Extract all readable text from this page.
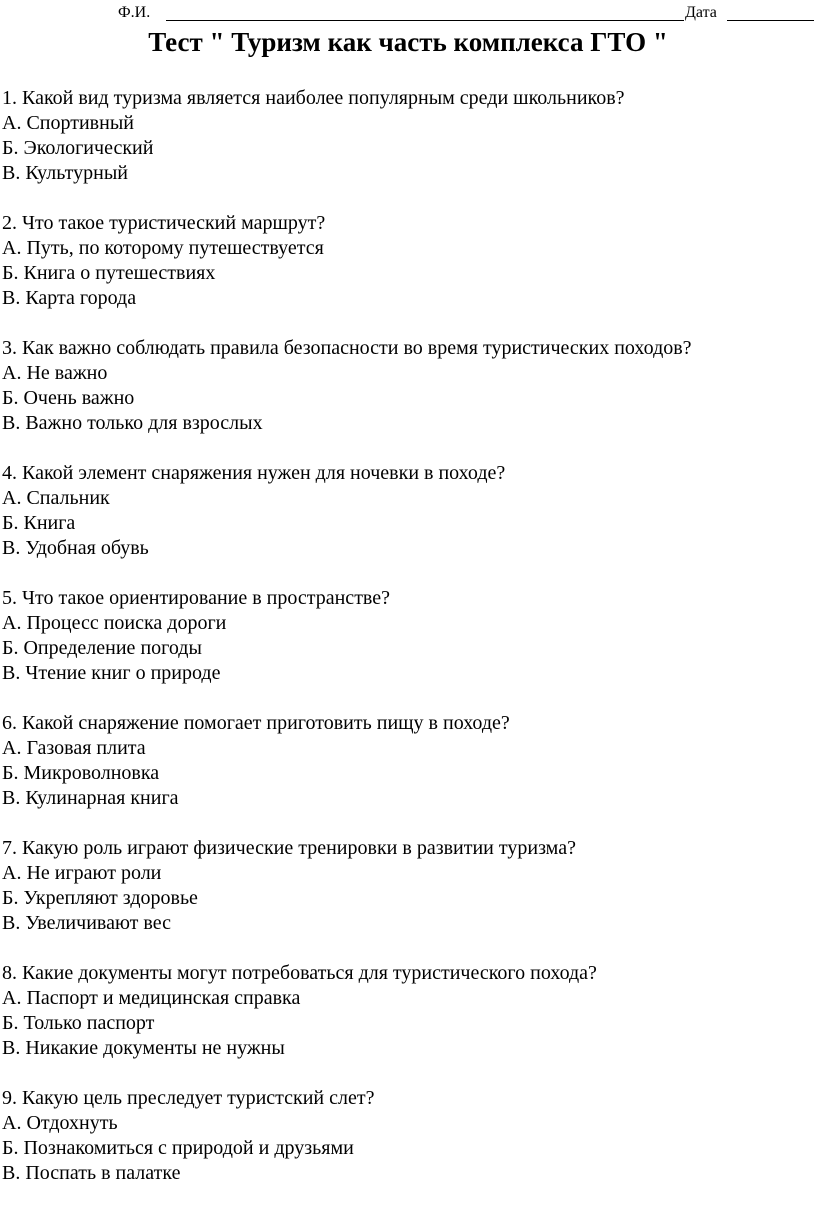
Ф.И.	Дата
Тест " Туризм как часть комплекса ГТО "
1. Какой вид туризма является наиболее популярным среди школьников?
А. Спортивный
Б. Экологический
В. Культурный
2. Что такое туристический маршрут?
А. Путь, по которому путешествуется
Б. Книга о путешествиях
В. Карта города
3. Как важно соблюдать правила безопасности во время туристических походов?
А. Не важно
Б. Очень важно
В. Важно только для взрослых
4. Какой элемент снаряжения нужен для ночевки в походе?
А. Спальник
Б. Книга
В. Удобная обувь
5. Что такое ориентирование в пространстве?
А. Процесс поиска дороги
Б. Определение погоды
В. Чтение книг о природе
6. Какой снаряжение помогает приготовить пищу в походе?
А. Газовая плита
Б. Микроволновка
В. Кулинарная книга
7. Какую роль играют физические тренировки в развитии туризма?
А. Не играют роли
Б. Укрепляют здоровье
В. Увеличивают вес
8. Какие документы могут потребоваться для туристического похода?
А. Паспорт и медицинская справка
Б. Только паспорт
В. Никакие документы не нужны
9. Какую цель преследует туристский слет?
А. Отдохнуть
Б. Познакомиться с природой и друзьями
В. Поспать в палатке
